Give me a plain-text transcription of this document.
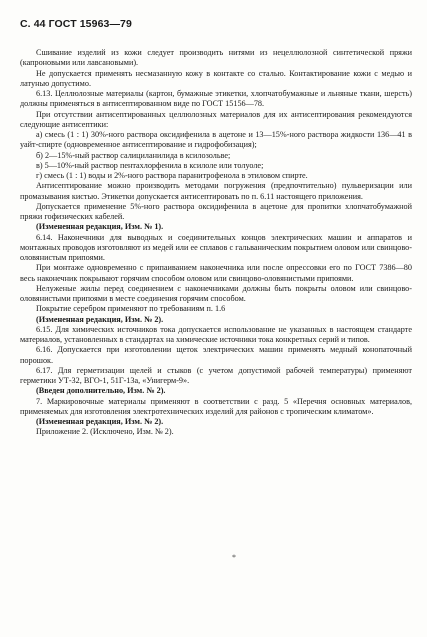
С. 44 ГОСТ 15963—79

Сшивание изделий из кожи следует производить нитями из нецеллюлозной синтетической пряжи (капроновыми или лавсановыми).

Не допускается применять несмазанную кожу в контакте со сталью. Контактирование кожи с медью и латунью допустимо.

6.13. Целлюлозные материалы (картон, бумажные этикетки, хлопчатобумажные и льняные ткани, шерсть) должны применяться в антисептированном виде по ГОСТ 15156—78.

При отсутствии антисептированных целлюлозных материалов для их антисептирования рекомендуются следующие антисептики:

а) смесь (1 : 1) 30%-ного раствора оксидифенила в ацетоне и 13—15%-ного раствора жидкости 136—41 в уайт-спирте (одновременное антисептирование и гидрофобизация);

б) 2—15%-ный раствор салициланилида в ксилозольве;

в) 5—10%-ный раствор пентахлорфенила в ксилоле или толуоле;

г) смесь (1 : 1) воды и 2%-ного раствора паранитрофенола в этиловом спирте.

Антисептирование можно производить методами погружения (предпочтительно) пульверизации или промазывания кистью. Этикетки допускается антисептировать по п. 6.11 настоящего приложения.

Допускается применение 5%-ного раствора оксидифенила в ацетоне для пропитки хлопчатобумажной пряжи гофизических кабелей.

(Измененная редакция, Изм. № 1).

6.14. Наконечники для выводных и соединительных концов электрических машин и аппаратов и монтажных проводов изготовляют из медей или ее сплавов с гальваническим покрытием оловом или свинцово-оловянистым припоями.

При монтаже одновременно с припаиванием наконечника или после опрессовки его по ГОСТ 7386—80 весь наконечник покрывают горячим способом оловом или свинцово-оловянистыми припоями.

Нелуженые жилы перед соединением с наконечниками должны быть покрыты оловом или свинцово-оловянистыми припоями в месте соединения горячим способом.

Покрытие серебром применяют по требованиям п. 1.6

(Измененная редакция, Изм. № 2).

6.15. Для химических источников тока допускается использование не указанных в настоящем стандарте материалов, установленных в стандартах на химические источники тока конкретных серий и типов.

6.16. Допускается при изготовлении щеток электрических машин применять медный конопаточный порошок.

6.17. Для герметизации щелей и стыков (с учетом допустимой рабочей температуры) применяют герметики УТ-32, ВГО-1, 51Г-13а, «Унигерм-9».

(Введен дополнительно, Изм. № 2).

7. Маркировочные материалы применяют в соответствии с разд. 5 «Перечня основных материалов, применяемых для изготовления электротехнических изделий для районов с тропическим климатом».

(Измененная редакция, Изм. № 2).

Приложение 2. (Исключено, Изм. № 2).

*
